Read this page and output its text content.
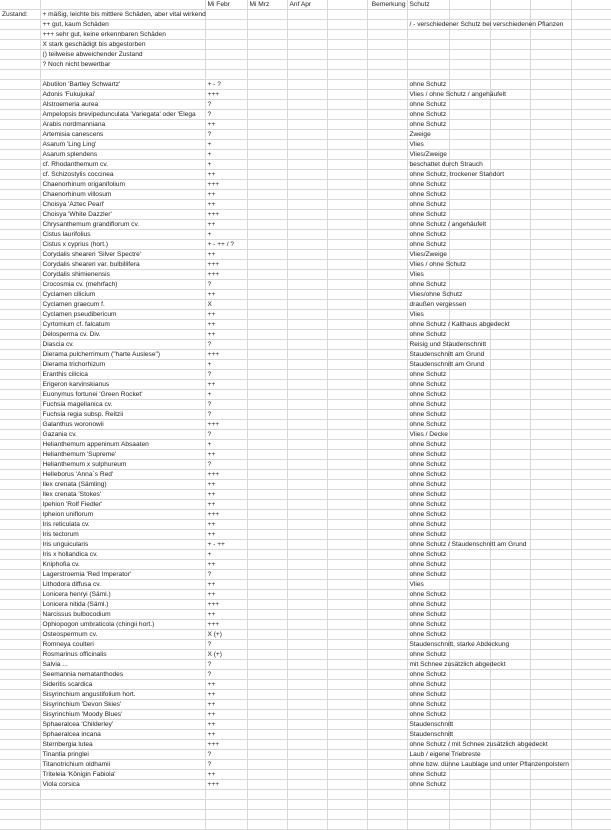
		Mi Febr	Mi Mrz	Anf Apr		Bemerkung	Schutz				
Zustand:	+ mäßig, leichte bis mittlere Schäden, aber vital wirkend										
	++ gut, kaum Schäden						/ - verschiedener Schutz bei verschiedenen Pflanzen				
	+++ sehr gut, keine erkennbaren Schäden										
	X stark geschädigt bis abgestorben										
	() teilweise abweichender Zustand										
	? Noch nicht bewertbar										

	Abutilon 'Bartley Schwartz'	+ - ?					ohne Schutz				
	Adonis 'Fukujukai'	+++					Vlies / ohne Schutz / angehäufelt				
	Alstroemeria aurea	?					ohne Schutz				
	Ampelopsis brevipedunculata 'Variegata' oder 'Elega	?					ohne Schutz				
	Arabis nordmanniana	++					ohne Schutz				
	Artemisia canescens	?					Zweige				
	Asarum 'Ling Ling'	+					Vlies				
	Asarum splendens	+					Vlies/Zweige				
	cf. Rhodanthemum cv.	+					beschattet durch Strauch				
	cf. Schizostylis coccinea	++					ohne Schutz, trockener Standort				
	Chaenorhinum origanifolium	+++					ohne Schutz				
	Chaenorhinum villosum	++					ohne Schutz				
	Choisya 'Aztec Pearl'	++					ohne Schutz				
	Choisya 'White Dazzler'	+++					ohne Schutz				
	Chrysanthemum grandiflorum cv.	++					ohne Schutz / angehäufelt				
	Cistus laurifolius	+					ohne Schutz				
	Cistus x cyprius (hort.)	+ - ++ / ?					ohne Schutz				
	Corydalis sheareri 'Silver Spectre'	++					Vlies/Zweige				
	Corydalis sheareri var. bulbillifera	+++					Vlies / ohne Schutz				
	Corydalis shimienensis	+++					Vlies				
	Crocosmia cv. (mehrfach)	?					ohne Schutz				
	Cyclamen cilicium	++					Vlies/ohne Schutz				
	Cyclamen graecum f.	X					draußen vergessen				
	Cyclamen pseudibericum	++					Vlies				
	Cyrtomium cf. falcatum	++					ohne Schutz / Kalthaus abgedeckt				
	Delosperma cv. Div.	++					ohne Schutz				
	Diascia cv.	?					Reisig und Staudenschnitt				
	Dierama pulcherrimum ("harte Auslese")	+++					Staudenschnitt am Grund				
	Dierama trichorhizum	+					Staudenschnitt am Grund				
	Eranthis cilicica	?					ohne Schutz				
	Erigeron karvinskianus	++					ohne Schutz				
	Euonymus fortunei 'Green Rocket'	+					ohne Schutz				
	Fuchsia magellanica cv.	?					ohne Schutz				
	Fuchsia regia subsp. Reitzii	?					ohne Schutz				
	Galanthus woronowii	+++					ohne Schutz				
	Gazania cv.	?					Vlies / Decke				
	Helianthemum appeninum Absaaten	+					ohne Schutz				
	Helianthemum 'Supreme'	++					ohne Schutz				
	Helianthemum x sulphureum	?					ohne Schutz				
	Helleborus 'Anna´s Red'	+++					ohne Schutz				
	Ilex crenata (Sämling)	++					ohne Schutz				
	Ilex crenata 'Stokes'	++					ohne Schutz				
	Ipehion 'Rolf Fiedler'	++					ohne Schutz				
	Ipheion uniflorum	+++					ohne Schutz				
	Iris reticulata cv.	++					ohne Schutz				
	Iris tectorum	++					ohne Schutz				
	Iris unguicularis	+ - ++					ohne Schutz / Staudenschnitt am Grund				
	Iris x hollandica cv.	+					ohne Schutz				
	Kniphofia cv.	++					ohne Schutz				
	Lagerstroemia 'Red Imperator'	?					ohne Schutz				
	Lithodora diffusa cv.	++					Vlies				
	Lonicera henryi (Säml.)	++					ohne Schutz				
	Lonicera nitida (Säml.)	+++					ohne Schutz				
	Narcissus bulbocodium	++					ohne Schutz				
	Ophiopogon umbraticola (chingii hort.)	+++					ohne Schutz				
	Osteospermum cv.	X (+)					ohne Schutz				
	Romneya coulteri	?					Staudenschnitt, starke Abdeckung				
	Rosmarinus officinalis	X (+)					ohne Schutz				
	Salvia ...	?					mit Schnee zusätzlich abgedeckt				
	Seemannia nematanthodes	?					ohne Schutz				
	Sideritis scardica	++					ohne Schutz				
	Sisyrinchium angustifolium hort.	++					ohne Schutz				
	Sisyrinchium 'Devon Skies'	++					ohne Schutz				
	Sisyrinchium 'Moody Blues'	++					ohne Schutz				
	Sphaeralcea 'Childerley'	++					Staudenschnitt				
	Sphaeralcea incana	++					Staudenschnitt				
	Sternbergia lutea	+++					ohne Schutz / mit Schnee zusätzlich abgedeckt				
	Tinantia pringlei	?					Laub / eigene Triebreste				
	Titanotrichium oldhamii	?					ohne bzw. dünne Laublage und unter Pflanzenpolstern				
	Triteleia 'Königin Fabiola'	++					ohne Schutz				
	Viola corsica	+++					ohne Schutz				
